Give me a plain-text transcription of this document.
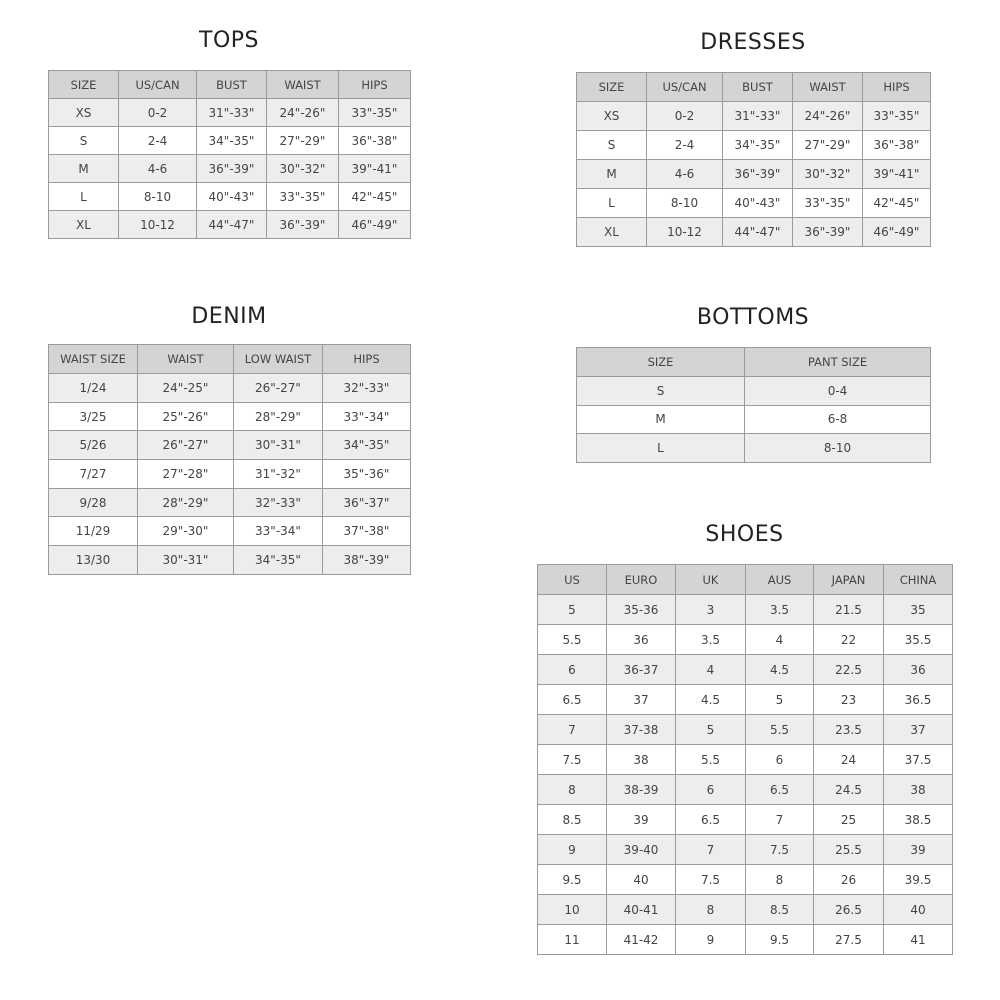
TOPS
SIZE	US/CAN	BUST	WAIST	HIPS
XS	0-2	31"-33"	24"-26"	33"-35"
S	2-4	34"-35"	27"-29"	36"-38"
M	4-6	36"-39"	30"-32"	39"-41"
L	8-10	40"-43"	33"-35"	42"-45"
XL	10-12	44"-47"	36"-39"	46"-49"
DRESSES
SIZE	US/CAN	BUST	WAIST	HIPS
XS	0-2	31"-33"	24"-26"	33"-35"
S	2-4	34"-35"	27"-29"	36"-38"
M	4-6	36"-39"	30"-32"	39"-41"
L	8-10	40"-43"	33"-35"	42"-45"
XL	10-12	44"-47"	36"-39"	46"-49"
DENIM
WAIST SIZE	WAIST	LOW WAIST	HIPS
1/24	24"-25"	26"-27"	32"-33"
3/25	25"-26"	28"-29"	33"-34"
5/26	26"-27"	30"-31"	34"-35"
7/27	27"-28"	31"-32"	35"-36"
9/28	28"-29"	32"-33"	36"-37"
11/29	29"-30"	33"-34"	37"-38"
13/30	30"-31"	34"-35"	38"-39"
BOTTOMS
SIZE	PANT SIZE
S	0-4
M	6-8
L	8-10
SHOES
US	EURO	UK	AUS	JAPAN	CHINA
5	35-36	3	3.5	21.5	35
5.5	36	3.5	4	22	35.5
6	36-37	4	4.5	22.5	36
6.5	37	4.5	5	23	36.5
7	37-38	5	5.5	23.5	37
7.5	38	5.5	6	24	37.5
8	38-39	6	6.5	24.5	38
8.5	39	6.5	7	25	38.5
9	39-40	7	7.5	25.5	39
9.5	40	7.5	8	26	39.5
10	40-41	8	8.5	26.5	40
11	41-42	9	9.5	27.5	41
